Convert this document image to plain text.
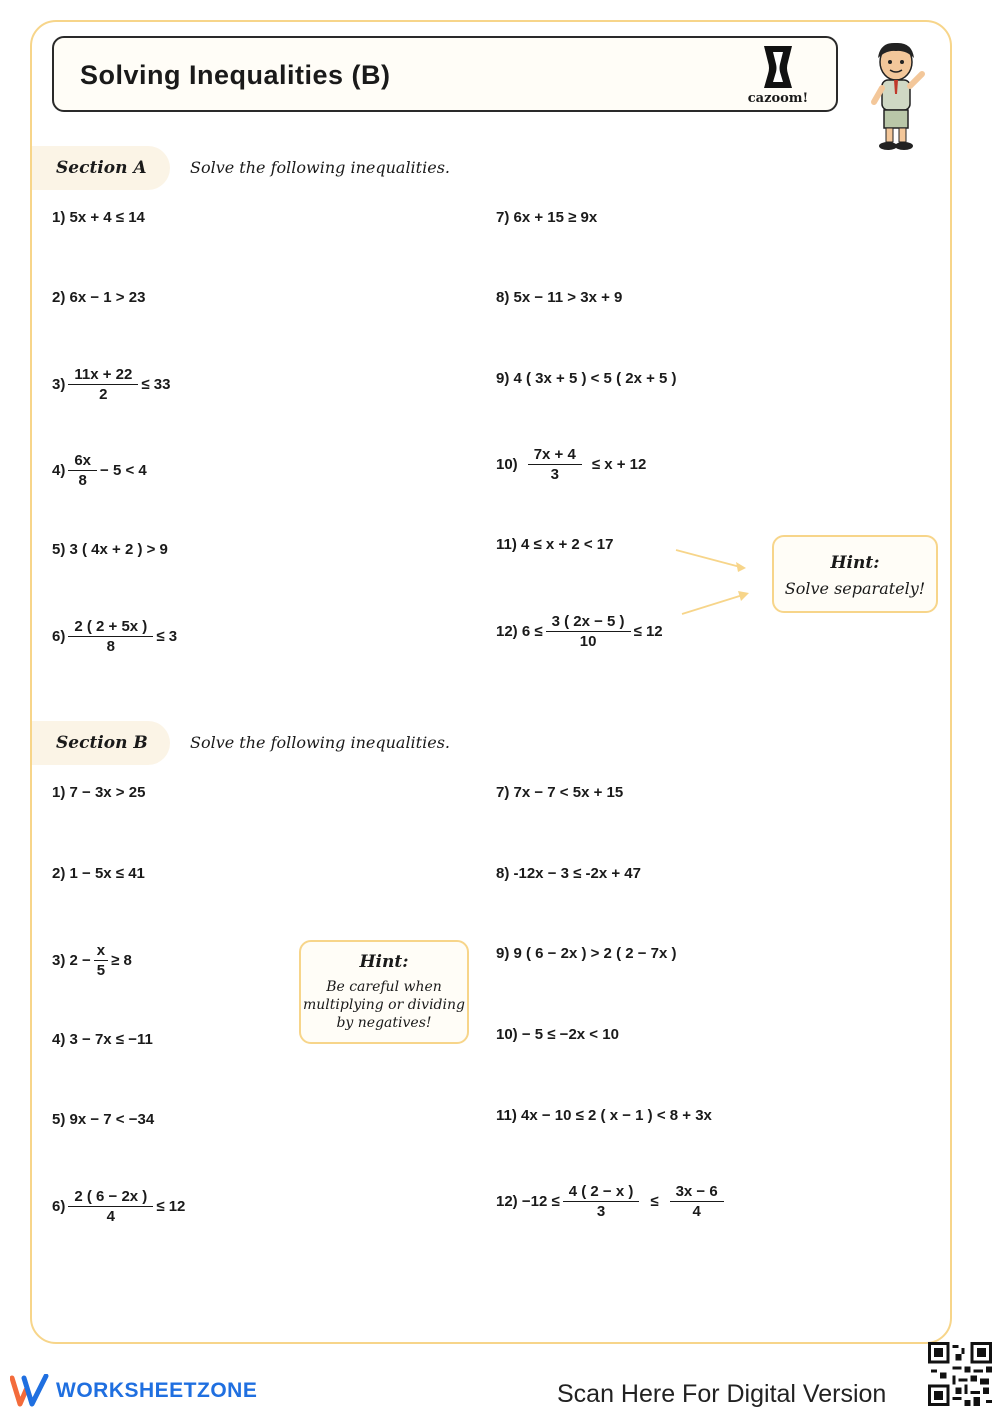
Solving Inequalities (B)
cazoom!
Section A	Solve the following inequalities.
1) 5x + 4 ≤ 14
2) 6x − 1 > 23
$3) \frac{11x + 22}{2} \le 33$
$4) \frac{6x}{8} - 5 < 4$
5) 3 ( 4x + 2 ) > 9
$6) \frac{2 ( 2 + 5x )}{8} \le 3$
7) 6x + 15 ≥ 9x
8) 5x − 11 > 3x + 9
9) 4 ( 3x + 5 ) < 5 ( 2x + 5 )
$10) \frac{7x + 4}{3} \le x + 12$
11) 4 ≤ x + 2 < 17
12) $6 \le \frac{3 ( 2x - 5 )}{10} \le 12$
Hint:
Solve separately!
Section B	Solve the following inequalities.
1) 7 − 3x > 25
2) 1 − 5x ≤ 41
3) $2 - \frac{x}{5} \ge 8$
4) 3 − 7x ≤ −11
5) 9x − 7 < −34
$6) \frac{2 ( 6 - 2x )}{4} \le 12$
Hint:
Be careful when
multiplying or dividing
by negatives!
7) 7x − 7 < 5x + 15
8) -12x − 3 ≤ -2x + 47
9) 9 ( 6 − 2x ) > 2 ( 2 − 7x )
10) − 5 ≤ −2x < 10
11) 4x − 10 ≤ 2 ( x − 1 ) < 8 + 3x
$12) -12 \le \frac{4 ( 2 - x )}{3} \le \frac{3x - 6}{4}$
WORKSHEETZONE	Scan Here For Digital Version
